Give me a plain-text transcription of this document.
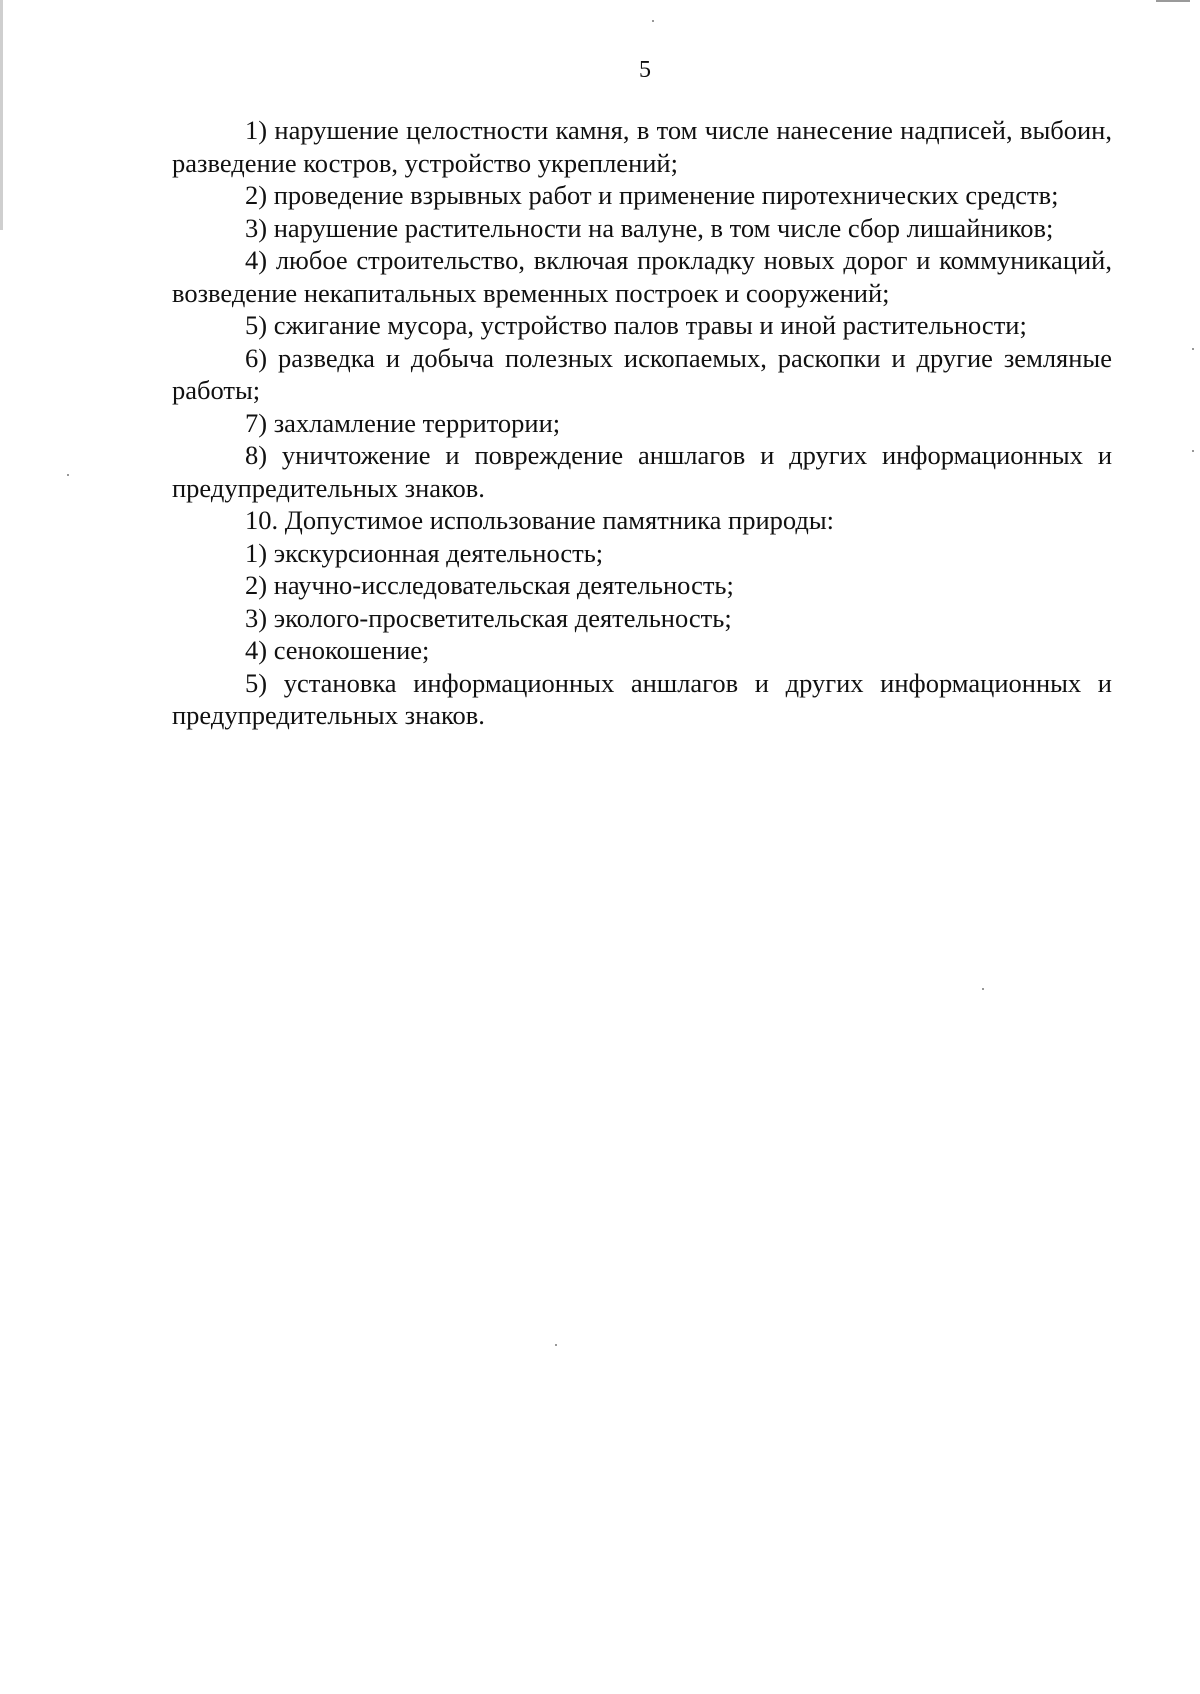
5

1) нарушение целостности камня, в том числе нанесение надписей, выбоин, разведение костров, устройство укреплений;

2) проведение взрывных работ и применение пиротехнических средств;

3) нарушение растительности на валуне, в том числе сбор лишайников;

4) любое строительство, включая прокладку новых дорог и коммуникаций, возведение некапитальных временных построек и сооружений;

5) сжигание мусора, устройство палов травы и иной растительности;

6) разведка и добыча полезных ископаемых, раскопки и другие земляные работы;

7) захламление территории;

8) уничтожение и повреждение аншлагов и других информационных и предупредительных знаков.

10. Допустимое использование памятника природы:

1) экскурсионная деятельность;

2) научно-исследовательская деятельность;

3) эколого-просветительская деятельность;

4) сенокошение;

5) установка информационных аншлагов и других информационных и предупредительных знаков.
